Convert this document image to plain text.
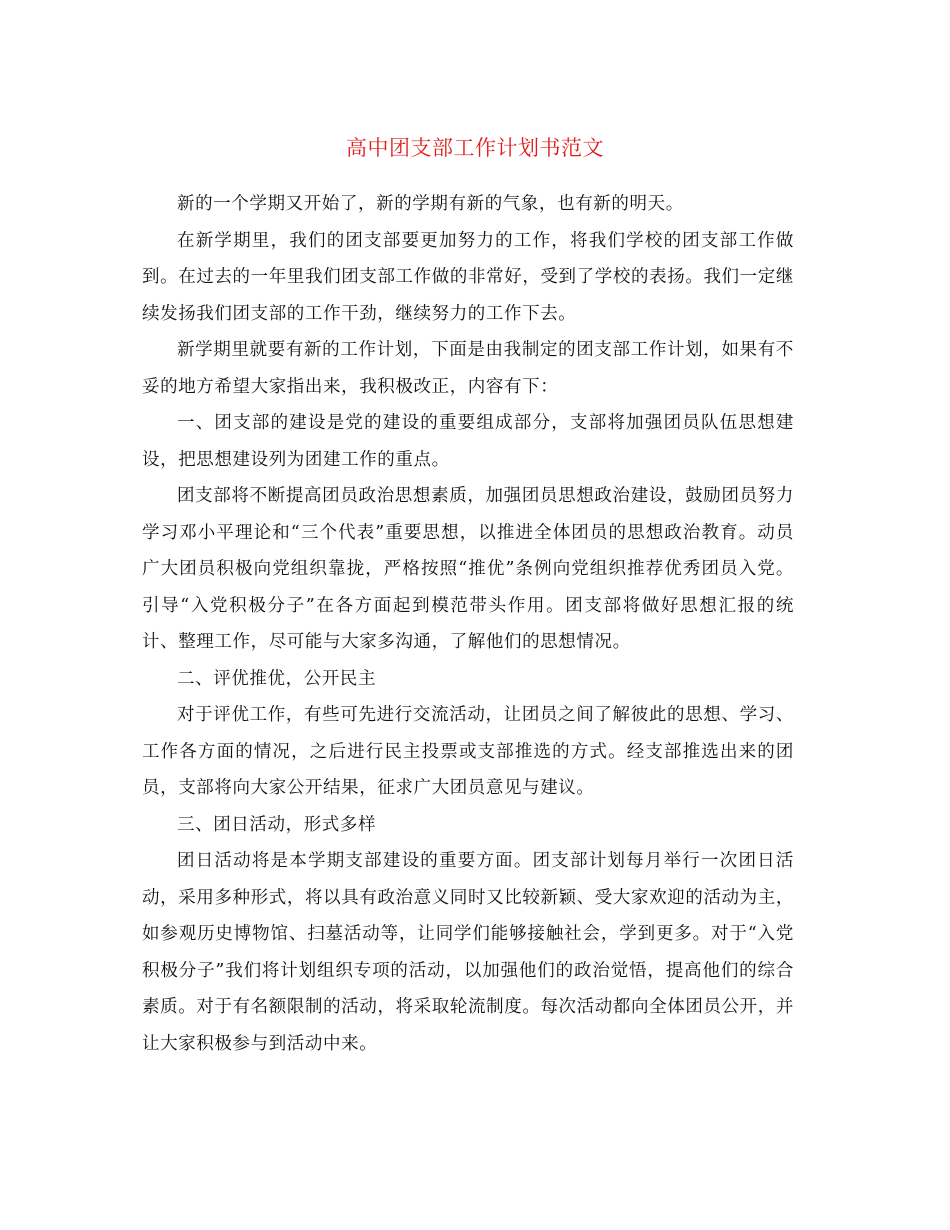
高中团支部工作计划书范文

新的一个学期又开始了，新的学期有新的气象，也有新的明天。

在新学期里，我们的团支部要更加努力的工作，将我们学校的团支部工作做到。在过去的一年里我们团支部工作做的非常好，受到了学校的表扬。我们一定继续发扬我们团支部的工作干劲，继续努力的工作下去。

新学期里就要有新的工作计划，下面是由我制定的团支部工作计划，如果有不妥的地方希望大家指出来，我积极改正，内容有下：

一、团支部的建设是党的建设的重要组成部分，支部将加强团员队伍思想建设，把思想建设列为团建工作的重点。

团支部将不断提高团员政治思想素质，加强团员思想政治建设，鼓励团员努力学习邓小平理论和“三个代表”重要思想，以推进全体团员的思想政治教育。动员广大团员积极向党组织靠拢，严格按照“推优”条例向党组织推荐优秀团员入党。引导“入党积极分子”在各方面起到模范带头作用。团支部将做好思想汇报的统计、整理工作，尽可能与大家多沟通，了解他们的思想情况。

二、评优推优，公开民主

对于评优工作，有些可先进行交流活动，让团员之间了解彼此的思想、学习、工作各方面的情况，之后进行民主投票或支部推选的方式。经支部推选出来的团员，支部将向大家公开结果，征求广大团员意见与建议。

三、团日活动，形式多样

团日活动将是本学期支部建设的重要方面。团支部计划每月举行一次团日活动，采用多种形式，将以具有政治意义同时又比较新颖、受大家欢迎的活动为主，如参观历史博物馆、扫墓活动等，让同学们能够接触社会，学到更多。对于“入党积极分子”我们将计划组织专项的活动，以加强他们的政治觉悟，提高他们的综合素质。对于有名额限制的活动，将采取轮流制度。每次活动都向全体团员公开，并让大家积极参与到活动中来。
